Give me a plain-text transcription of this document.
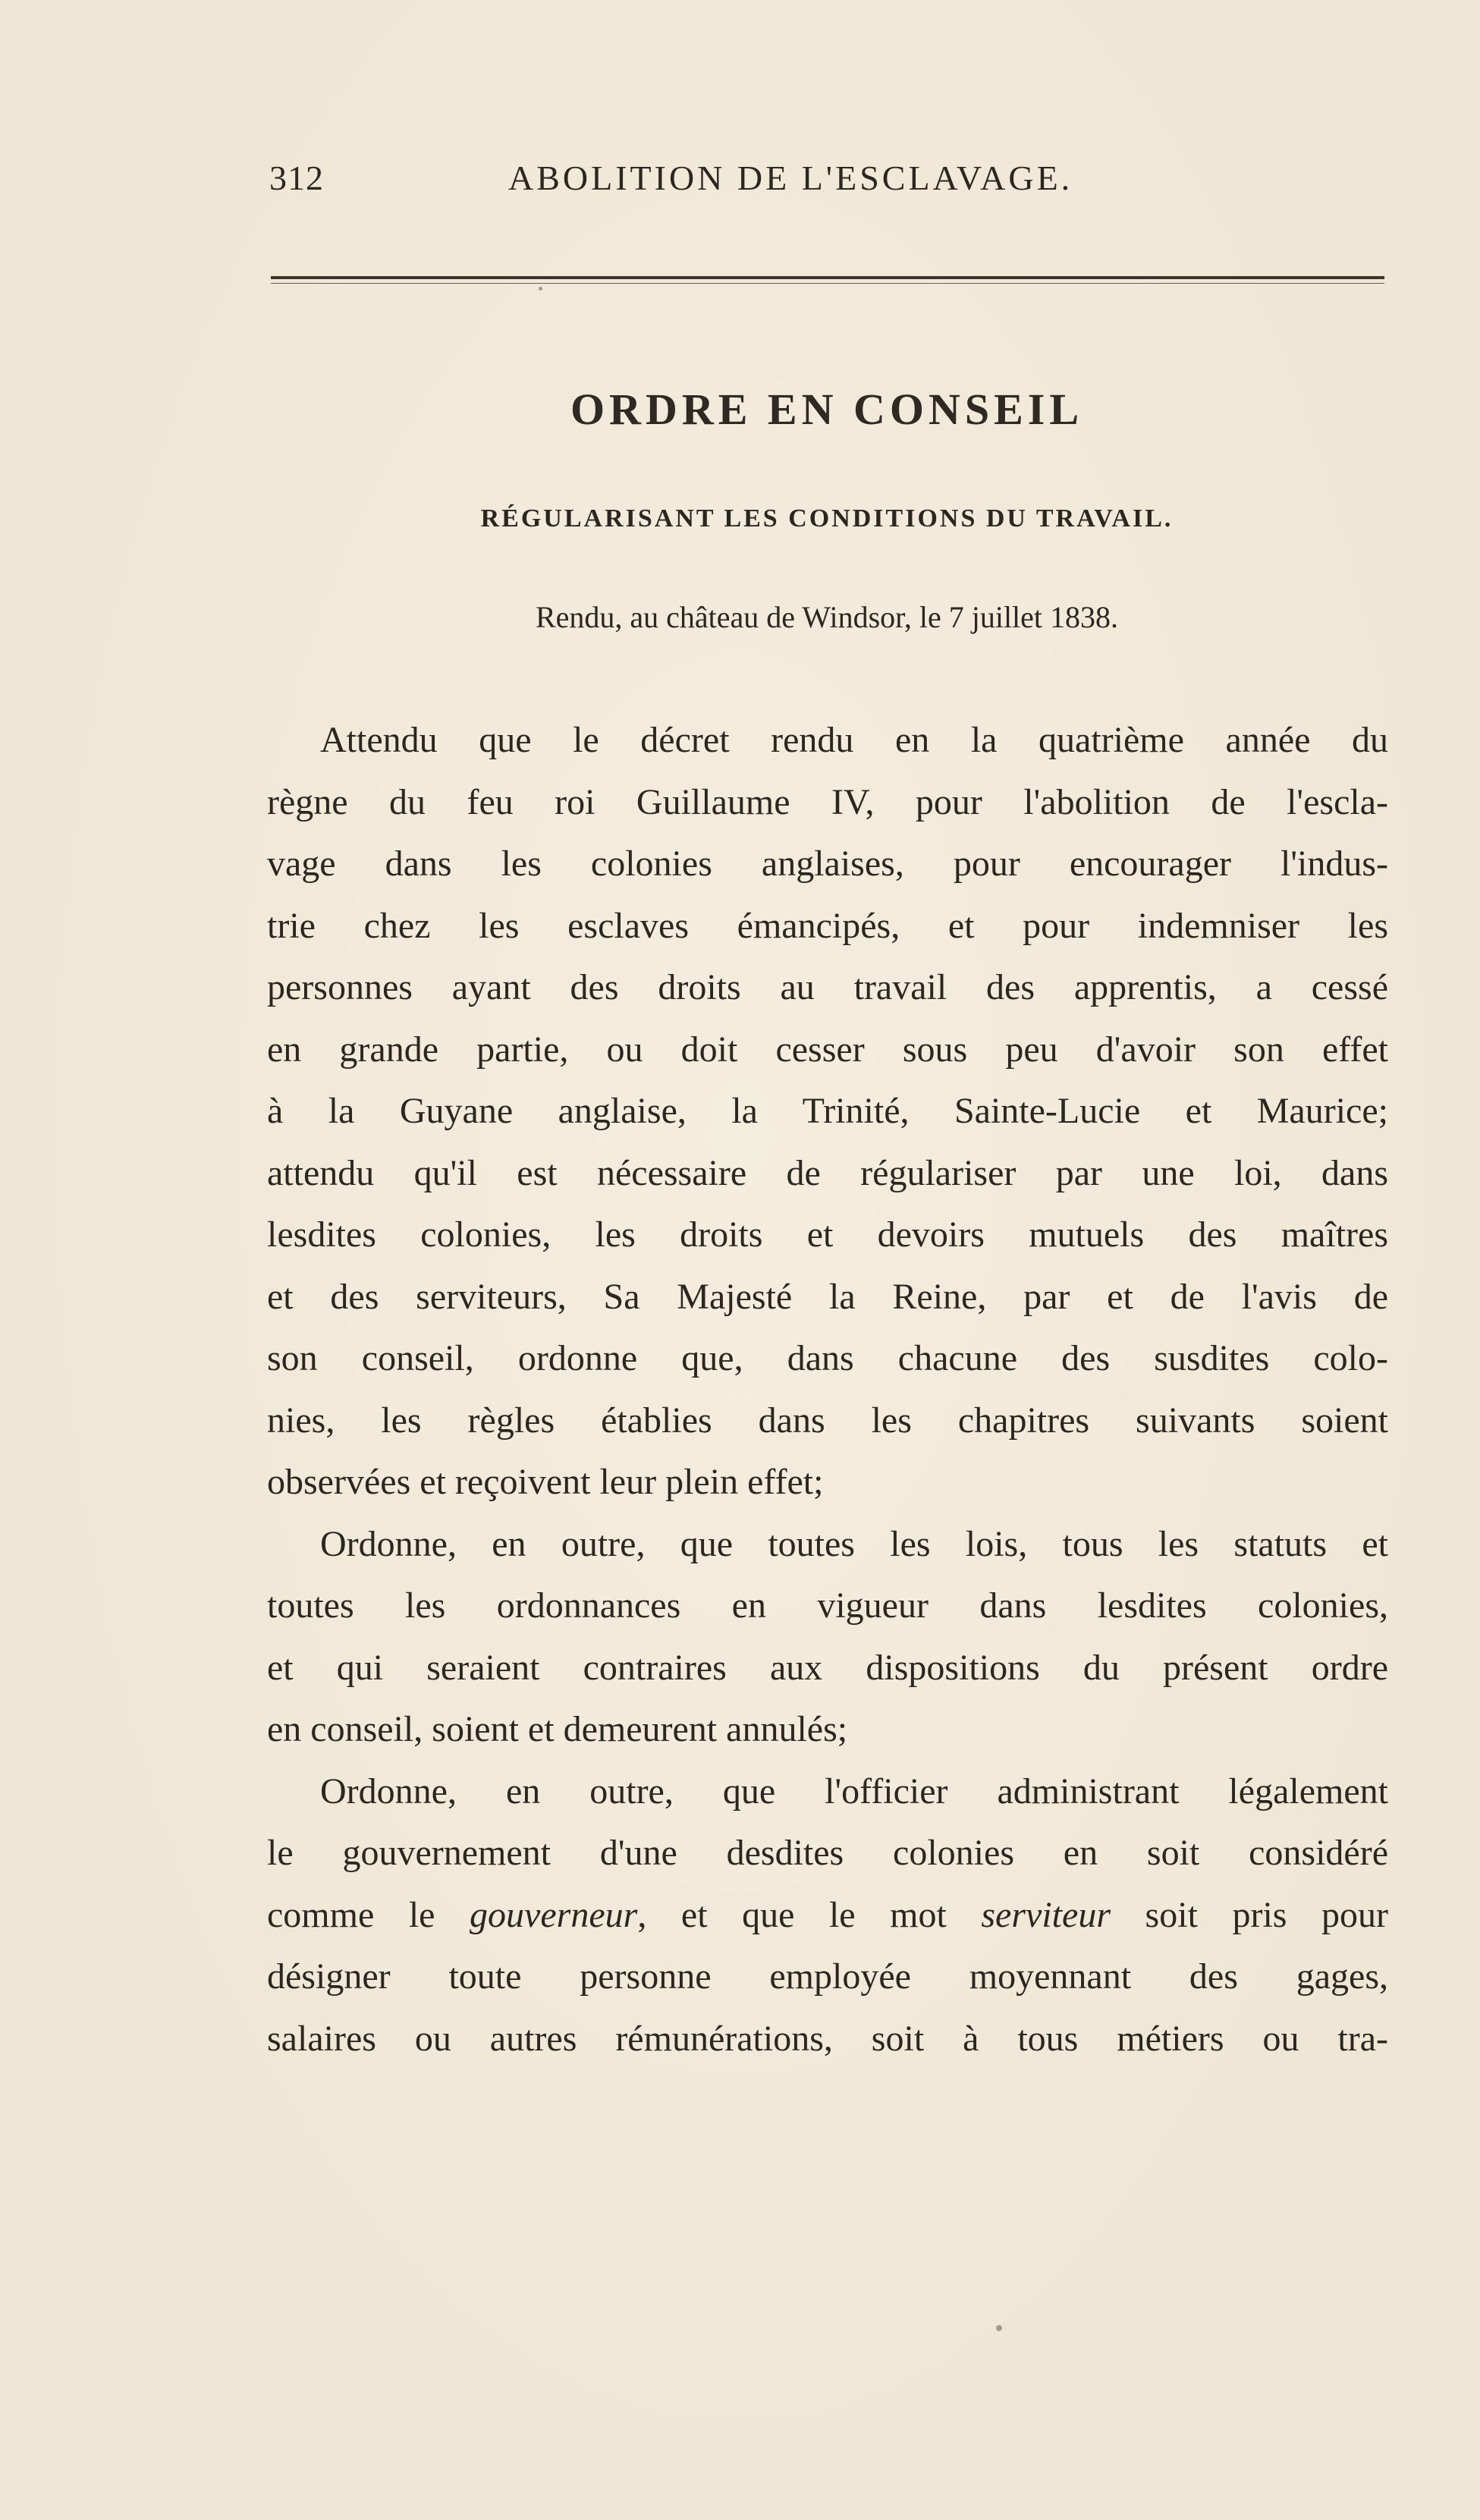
312	ABOLITION DE L'ESCLAVAGE.
ORDRE EN CONSEIL
RÉGULARISANT LES CONDITIONS DU TRAVAIL.
Rendu, au château de Windsor, le 7 juillet 1838.
Attendu que le décret rendu en la quatrième année du
règne du feu roi Guillaume IV, pour l'abolition de l'escla-
vage dans les colonies anglaises, pour encourager l'indus-
trie chez les esclaves émancipés, et pour indemniser les
personnes ayant des droits au travail des apprentis, a cessé
en grande partie, ou doit cesser sous peu d'avoir son effet
à la Guyane anglaise, la Trinité, Sainte-Lucie et Maurice;
attendu qu'il est nécessaire de régulariser par une loi, dans
lesdites colonies, les droits et devoirs mutuels des maîtres
et des serviteurs, Sa Majesté la Reine, par et de l'avis de
son conseil, ordonne que, dans chacune des susdites colo-
nies, les règles établies dans les chapitres suivants soient
observées et reçoivent leur plein effet;
Ordonne, en outre, que toutes les lois, tous les statuts et
toutes les ordonnances en vigueur dans lesdites colonies,
et qui seraient contraires aux dispositions du présent ordre
en conseil, soient et demeurent annulés;
Ordonne, en outre, que l'officier administrant légalement
le gouvernement d'une desdites colonies en soit considéré
comme le gouverneur, et que le mot serviteur soit pris pour
désigner toute personne employée moyennant des gages,
salaires ou autres rémunérations, soit à tous métiers ou tra-
